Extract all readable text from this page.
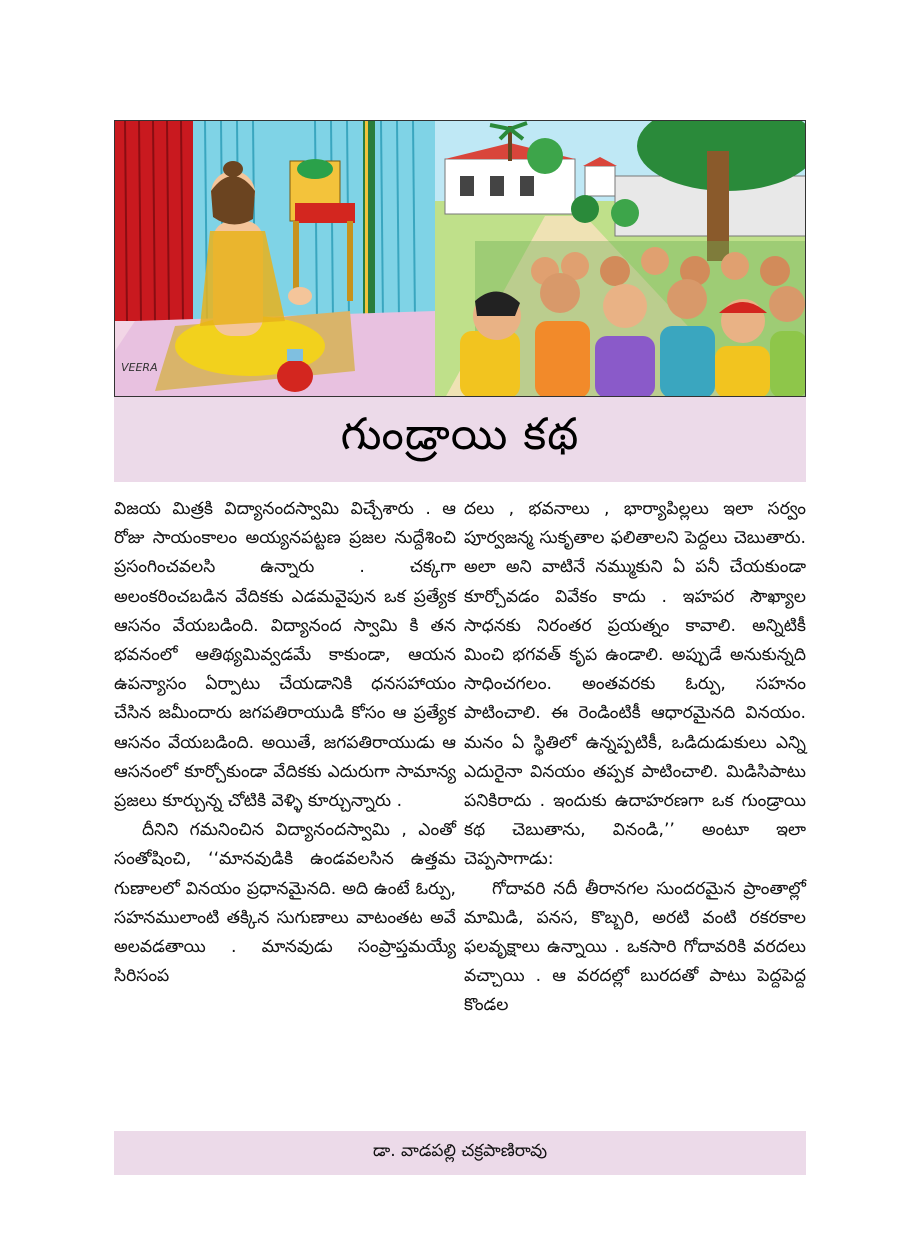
VEERA
గుండ్రాయి కథ

విజయ మిత్రకి విద్యానందస్వామి విచ్చేశారు . ఆ రోజు సాయంకాలం అయ్యనపట్టణ ప్రజల నుద్దేశించి ప్రసంగించవలసి ఉన్నారు . చక్కగా అలంకరించబడిన వేదికకు ఎడమవైపున ఒక ప్రత్యేక ఆసనం వేయబడింది. విద్యానంద స్వామి కి తన భవనంలో ఆతిథ్యమివ్వడమే కాకుండా, ఆయన ఉపన్యాసం ఏర్పాటు చేయడానికి ధనసహాయం చేసిన జమీందారు జగపతిరాయుడి కోసం ఆ ప్రత్యేక ఆసనం వేయబడింది. అయితే, జగపతిరాయుడు ఆ ఆసనంలో కూర్చోకుండా వేదికకు ఎదురుగా సామాన్య ప్రజలు కూర్చున్న చోటికి వెళ్ళి కూర్చున్నారు .

దీనిని గమనించిన విద్యానందస్వామి , ఎంతో సంతోషించి, ‘‘మానవుడికి ఉండవలసిన ఉత్తమ గుణాలలో వినయం ప్రధానమైనది. అది ఉంటే ఓర్పు, సహనములాంటి తక్కిన సుగుణాలు వాటంతట అవే అలవడతాయి . మానవుడు సంప్రాప్తమయ్యే సిరిసంప

దలు , భవనాలు , భార్యాపిల్లలు ఇలా సర్వం పూర్వజన్మ సుకృతాల ఫలితాలని పెద్దలు చెబుతారు. అలా అని వాటినే నమ్ముకుని ఏ పనీ చేయకుండా కూర్చోవడం వివేకం కాదు . ఇహపర సౌఖ్యాల సాధనకు నిరంతర ప్రయత్నం కావాలి. అన్నిటికీ మించి భగవత్ కృప ఉండాలి. అప్పుడే అనుకున్నది సాధించగలం. అంతవరకు ఓర్పు, సహనం పాటించాలి. ఈ రెండింటికీ ఆధారమైనది వినయం. మనం ఏ స్థితిలో ఉన్నప్పటికీ, ఒడిదుడుకులు ఎన్ని ఎదురైనా వినయం తప్పక పాటించాలి. మిడిసిపాటు పనికిరాదు . ఇందుకు ఉదాహరణగా ఒక గుండ్రాయి కథ చెబుతాను, వినండి,’’ అంటూ ఇలా చెప్పసాగాడు:

గోదావరి నదీ తీరానగల సుందరమైన ప్రాంతాల్లో మామిడి, పనస, కొబ్బరి, అరటి వంటి రకరకాల ఫలవృక్షాలు ఉన్నాయి . ఒకసారి గోదావరికి వరదలు వచ్చాయి . ఆ వరదల్లో బురదతో పాటు పెద్దపెద్ద కొండల

డా. వాడపల్లి చక్రపాణిరావు
